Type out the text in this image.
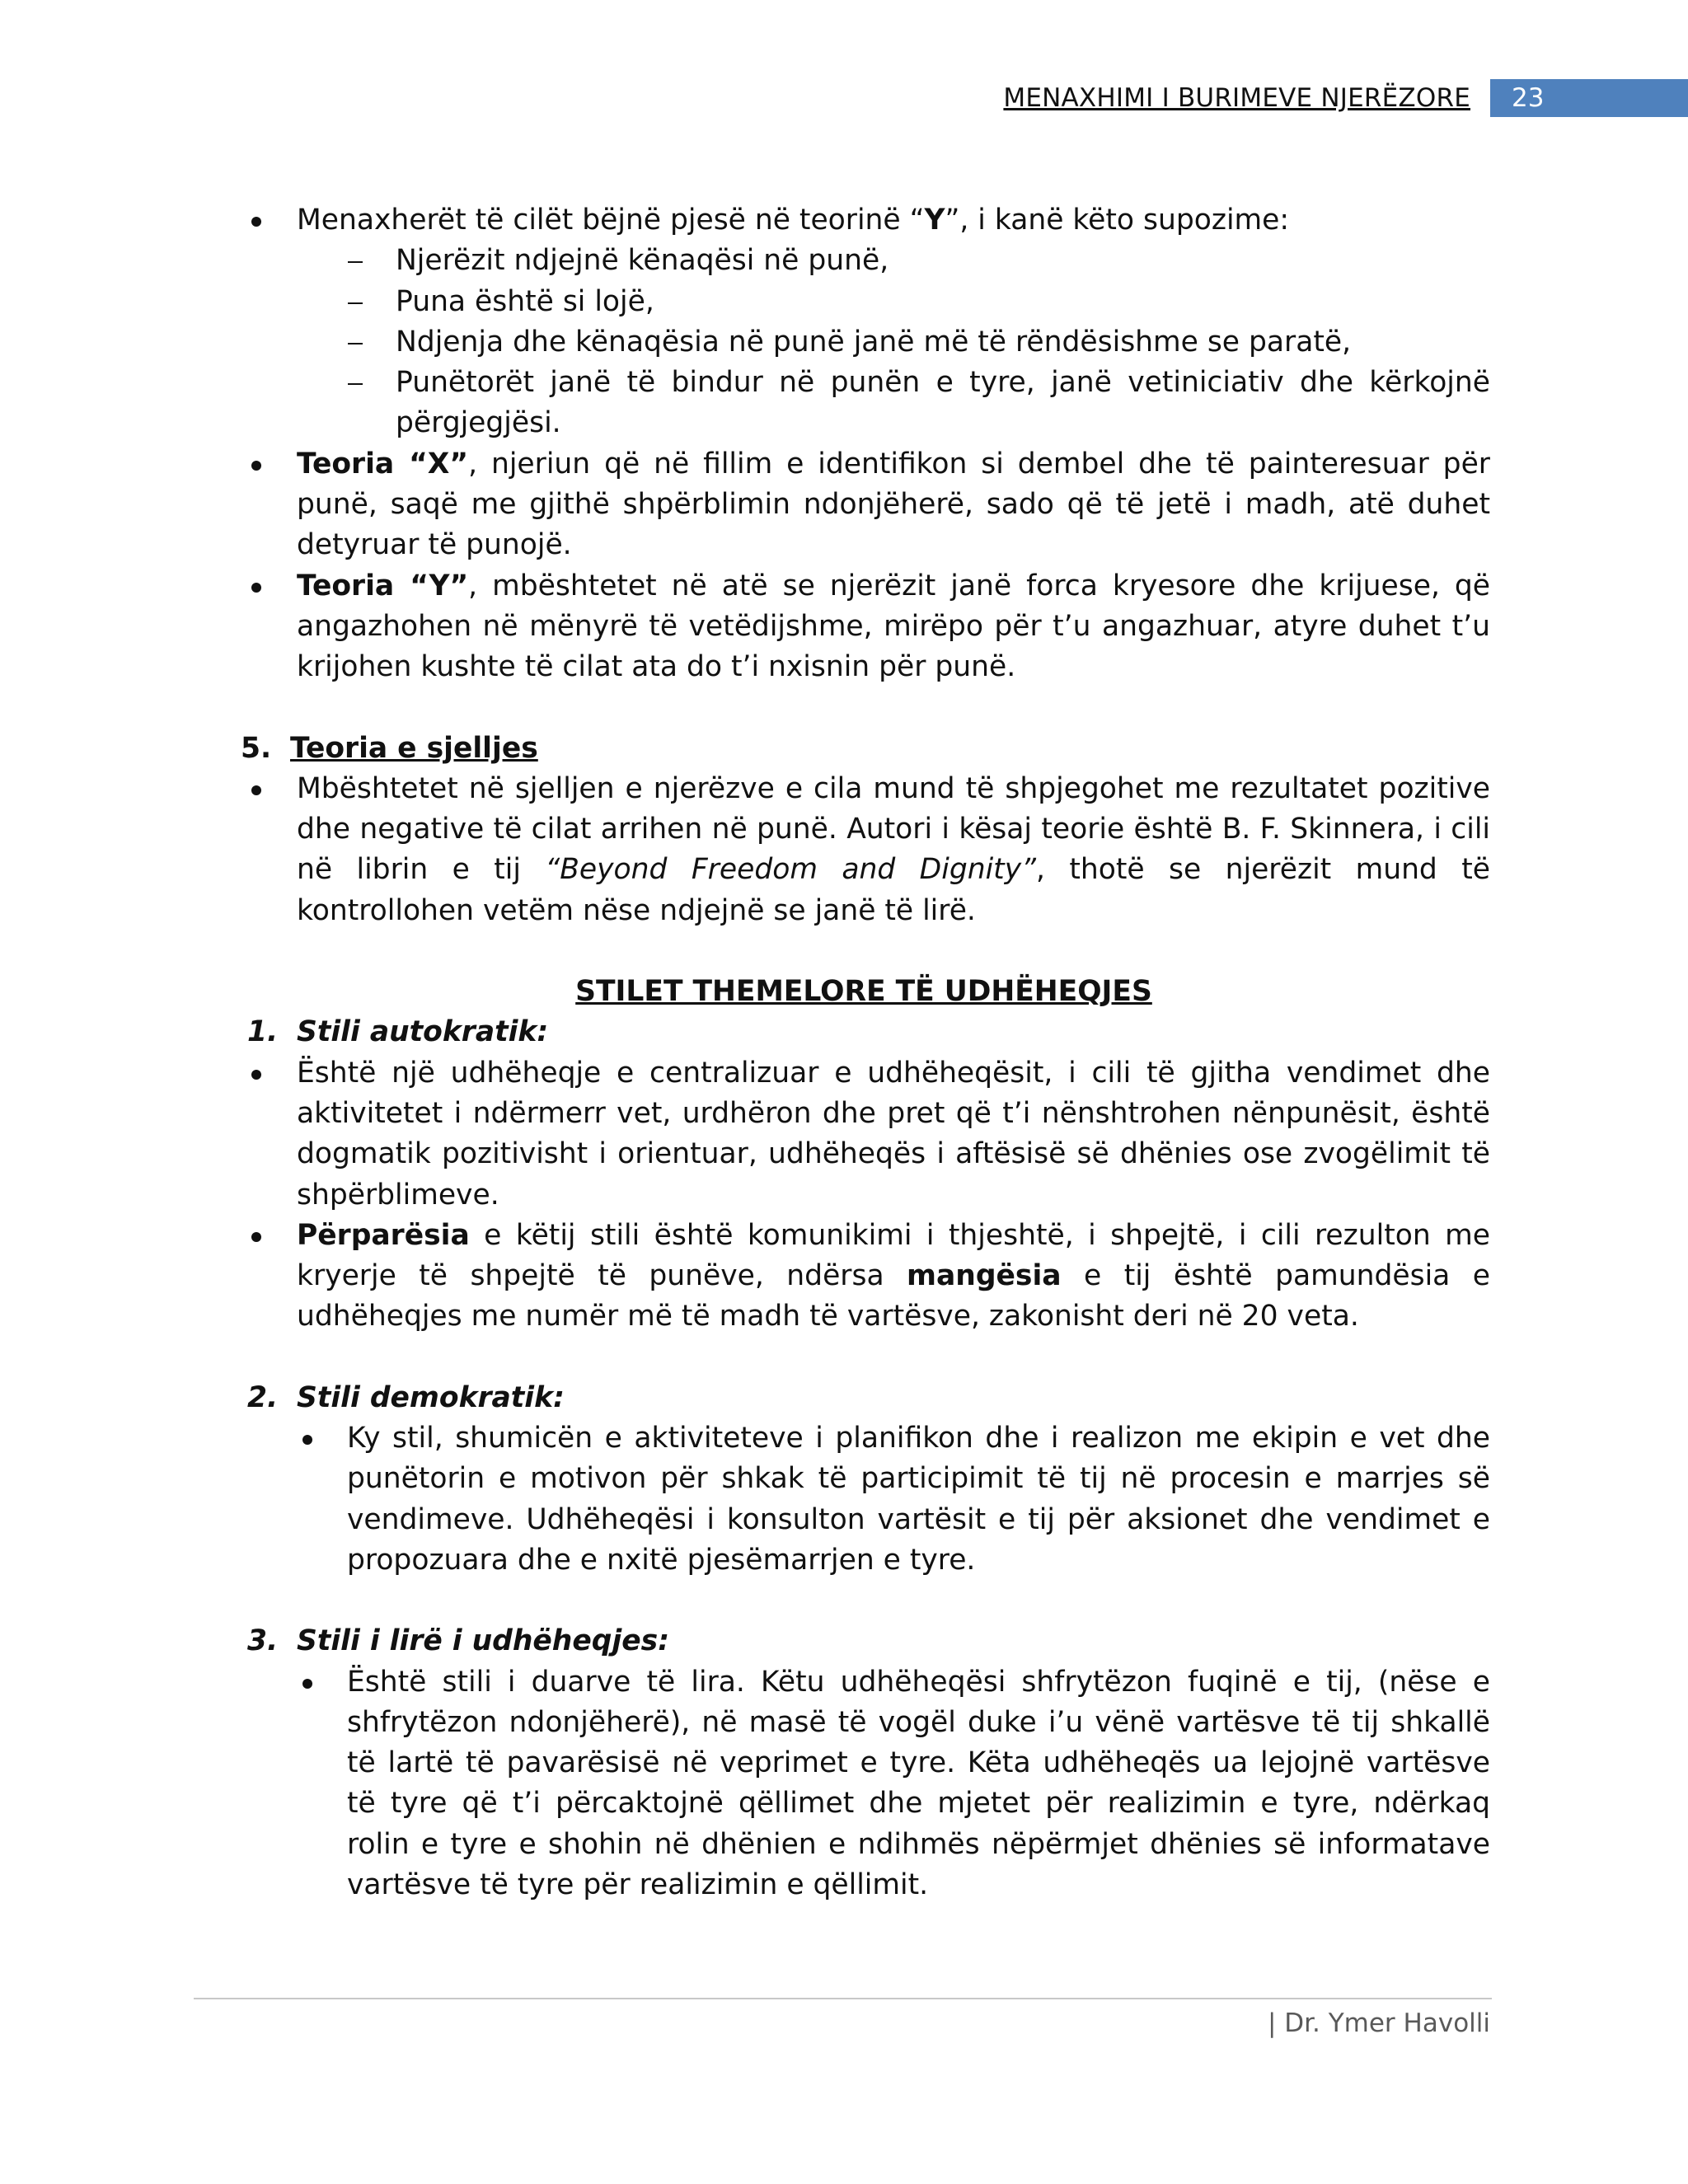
MENAXHIMI I BURIMEVE NJERËZORE	23

Menaxherët të cilët bëjnë pjesë në teorinë “Y”, i kanë këto supozime:

Njerëzit ndjejnë kënaqësi në punë,

Puna është si lojë,

Ndjenja dhe kënaqësia në punë janë më të rëndësishme se paratë,

Punëtorët janë të bindur në punën e tyre, janë vetiniciativ dhe kërkojnë përgjegjësi.

Teoria “X”, njeriun që në fillim e identifikon si dembel dhe të painteresuar për punë, saqë me gjithë shpërblimin ndonjëherë, sado që të jetë i madh, atë duhet detyruar të punojë.

Teoria “Y”, mbështetet në atë se njerëzit janë forca kryesore dhe krijuese, që angazhohen në mënyrë të vetëdijshme, mirëpo për t’u angazhuar, atyre duhet t’u krijohen kushte të cilat ata do t’i nxisnin për punë.

5. Teoria e sjelljes

Mbështetet në sjelljen e njerëzve e cila mund të shpjegohet me rezultatet pozitive dhe negative të cilat arrihen në punë. Autori i kësaj teorie është B. F. Skinnera, i cili në librin e tij “Beyond Freedom and Dignity”, thotë se njerëzit mund të kontrollohen vetëm nëse ndjejnë se janë të lirë.

STILET THEMELORE TË UDHËHEQJES

1. Stili autokratik:

Është një udhëheqje e centralizuar e udhëheqësit, i cili të gjitha vendimet dhe aktivitetet i ndërmerr vet, urdhëron dhe pret që t’i nënshtrohen nënpunësit, është dogmatik pozitivisht i orientuar, udhëheqës i aftësisë së dhënies ose zvogëlimit të shpërblimeve.

Përparësia e këtij stili është komunikimi i thjeshtë, i shpejtë, i cili rezulton me kryerje të shpejtë të punëve, ndërsa mangësia e tij është pamundësia e udhëheqjes me numër më të madh të vartësve, zakonisht deri në 20 veta.

2. Stili demokratik:

Ky stil, shumicën e aktiviteteve i planifikon dhe i realizon me ekipin e vet dhe punëtorin e motivon për shkak të participimit të tij në procesin e marrjes së vendimeve. Udhëheqësi i konsulton vartësit e tij për aksionet dhe vendimet e propozuara dhe e nxitë pjesëmarrjen e tyre.

3. Stili i lirë i udhëheqjes:

Është stili i duarve të lira. Këtu udhëheqësi shfrytëzon fuqinë e tij, (nëse e shfrytëzon ndonjëherë), në masë të vogël duke i’u vënë vartësve të tij shkallë të lartë të pavarësisë në veprimet e tyre. Këta udhëheqës ua lejojnë vartësve të tyre që t’i përcaktojnë qëllimet dhe mjetet për realizimin e tyre, ndërkaq rolin e tyre e shohin në dhënien e ndihmës nëpërmjet dhënies së informatave vartësve të tyre për realizimin e qëllimit.

| Dr. Ymer Havolli
